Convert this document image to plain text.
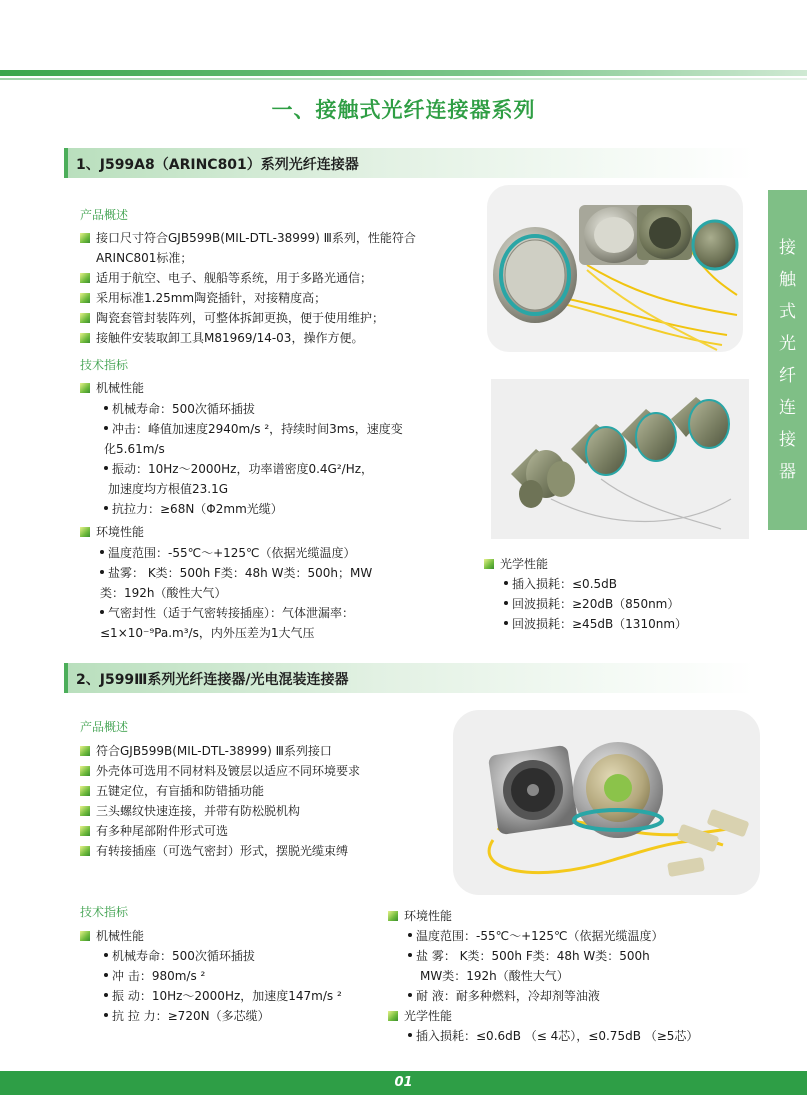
一、接触式光纤连接器系列
接
触
式
光
纤
连
接
器
1、J599A8（ARINC801）系列光纤连接器
产品概述
接口尺寸符合GJB599B(MIL-DTL-38999) Ⅲ系列，性能符合
ARINC801标准；
适用于航空、电子、舰船等系统，用于多路光通信；
采用标准1.25mm陶瓷插针，对接精度高；
陶瓷套管封装阵列，可整体拆卸更换，便于使用维护；
接触件安装取卸工具M81969/14-03，操作方便。
技术指标
机械性能
机械寿命：500次循环插拔
冲击：峰值加速度2940m/s ²，持续时间3ms，速度变
化5.61m/s
振动：10Hz～2000Hz，功率谱密度0.4G²/Hz，
加速度均方根值23.1G
抗拉力：≥68N（Φ2mm光缆）
环境性能
温度范围：-55℃～+125℃（依据光缆温度）
盐雾： K类：500h F类：48h W类：500h；MW
类：192h（酸性大气）
气密封性（适于气密转接插座）：气体泄漏率：
≤1×10⁻⁹Pa.m³/s，内外压差为1大气压
光学性能
插入损耗：≤0.5dB
回波损耗：≥20dB（850nm）
回波损耗：≥45dB（1310nm）
2、J599Ⅲ系列光纤连接器/光电混装连接器
产品概述
符合GJB599B(MIL-DTL-38999) Ⅲ系列接口
外壳体可选用不同材料及镀层以适应不同环境要求
五键定位，有盲插和防错插功能
三头螺纹快速连接，并带有防松脱机构
有多种尾部附件形式可选
有转接插座（可选气密封）形式，摆脱光缆束缚
技术指标
机械性能
机械寿命：500次循环插拔
冲 击：980m/s ²
振 动：10Hz～2000Hz，加速度147m/s ²
抗 拉 力：≥720N（多芯缆）
环境性能
温度范围：-55℃～+125℃（依据光缆温度）
盐 雾： K类：500h F类：48h W类：500h
MW类：192h（酸性大气）
耐 液：耐多种燃料，冷却剂等油液
光学性能
插入损耗：≤0.6dB （≤ 4芯），≤0.75dB （≥5芯）
01
